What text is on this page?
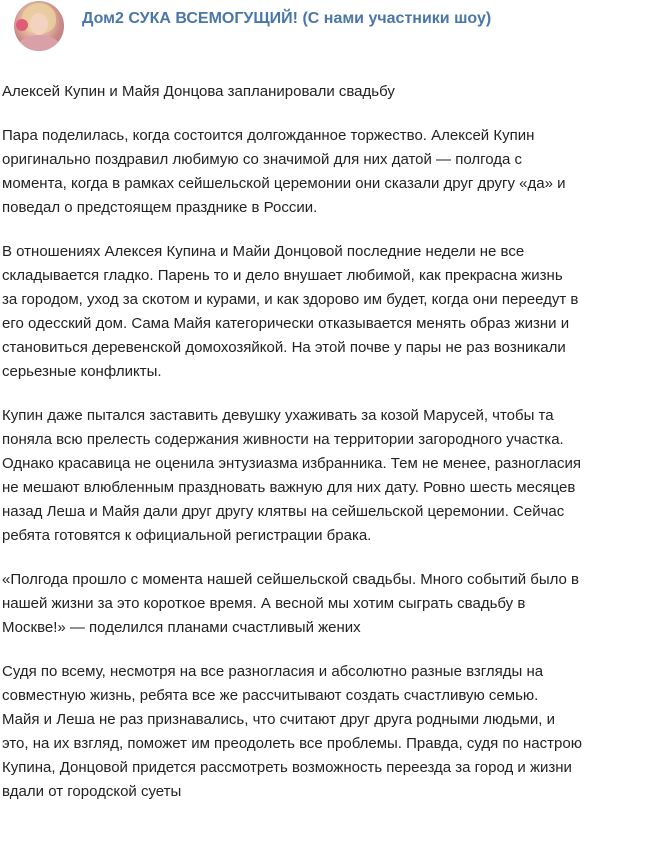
Дом2 СУКА ВСЕМОГУЩИЙ! (С нами участники шоу)

Алексей Купин и Майя Донцова запланировали свадьбу

Пара поделилась, когда состоится долгожданное торжество. Алексей Купин
оригинально поздравил любимую со значимой для них датой — полгода с
момента, когда в рамках сейшельской церемонии они сказали друг другу «да» и
поведал о предстоящем празднике в России.

В отношениях Алексея Купина и Майи Донцовой последние недели не все
складывается гладко. Парень то и дело внушает любимой, как прекрасна жизнь
за городом, уход за скотом и курами, и как здорово им будет, когда они переедут в
его одесский дом. Сама Майя категорически отказывается менять образ жизни и
становиться деревенской домохозяйкой. На этой почве у пары не раз возникали
серьезные конфликты.

Купин даже пытался заставить девушку ухаживать за козой Марусей, чтобы та
поняла всю прелесть содержания живности на территории загородного участка.
Однако красавица не оценила энтузиазма избранника. Тем не менее, разногласия
не мешают влюбленным праздновать важную для них дату. Ровно шесть месяцев
назад Леша и Майя дали друг другу клятвы на сейшельской церемонии. Сейчас
ребята готовятся к официальной регистрации брака.

«Полгода прошло с момента нашей сейшельской свадьбы. Много событий было в
нашей жизни за это короткое время. А весной мы хотим сыграть свадьбу в
Москве!» — поделился планами счастливый жених

Судя по всему, несмотря на все разногласия и абсолютно разные взгляды на
совместную жизнь, ребята все же рассчитывают создать счастливую семью.
Майя и Леша не раз признавались, что считают друг друга родными людьми, и
это, на их взгляд, поможет им преодолеть все проблемы. Правда, судя по настрою
Купина, Донцовой придется рассмотреть возможность переезда за город и жизни
вдали от городской суеты
